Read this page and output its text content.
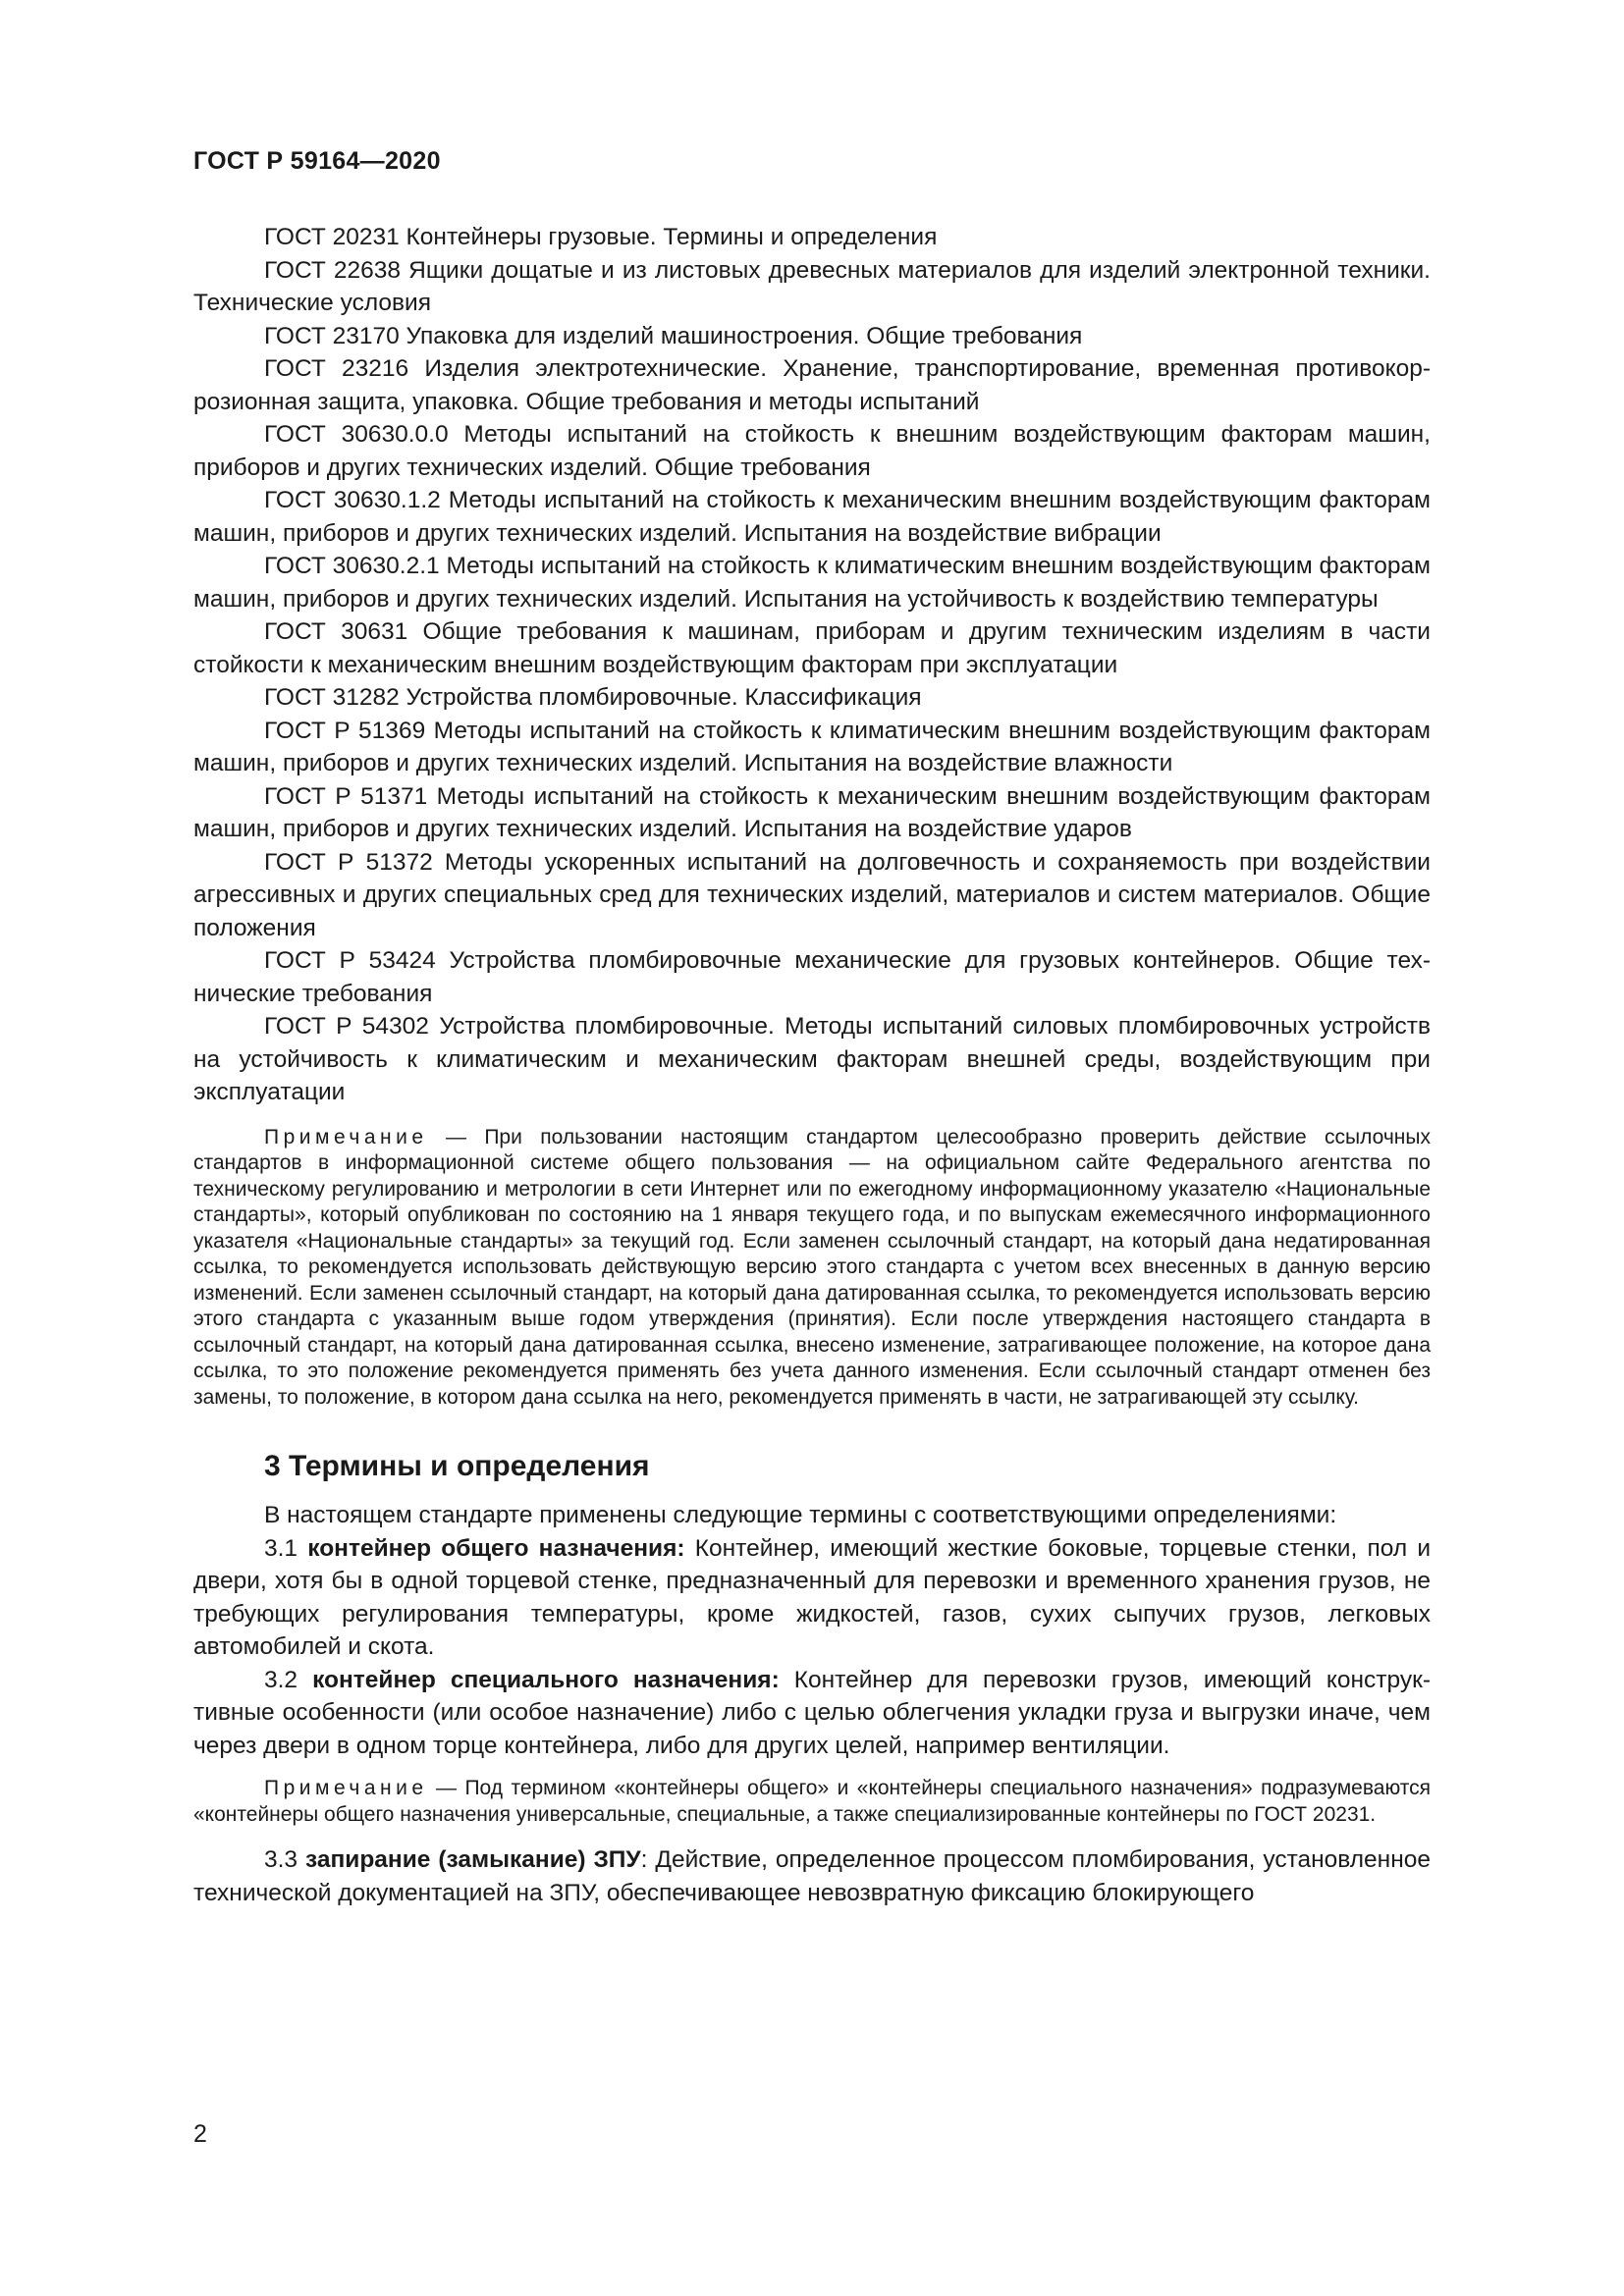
ГОСТ Р 59164—2020

ГОСТ 20231 Контейнеры грузовые. Термины и определения

ГОСТ 22638 Ящики дощатые и из листовых древесных материалов для изделий электронной техники. Технические условия

ГОСТ 23170 Упаковка для изделий машиностроения. Общие требования

ГОСТ 23216 Изделия электротехнические. Хранение, транспортирование, временная противокоррозионная защита, упаковка. Общие требования и методы испытаний

ГОСТ 30630.0.0 Методы испытаний на стойкость к внешним воздействующим факторам машин, приборов и других технических изделий. Общие требования

ГОСТ 30630.1.2 Методы испытаний на стойкость к механическим внешним воздействующим факторам машин, приборов и других технических изделий. Испытания на воздействие вибрации

ГОСТ 30630.2.1 Методы испытаний на стойкость к климатическим внешним воздействующим факторам машин, приборов и других технических изделий. Испытания на устойчивость к воздействию температуры

ГОСТ 30631 Общие требования к машинам, приборам и другим техническим изделиям в части стойкости к механическим внешним воздействующим факторам при эксплуатации

ГОСТ 31282 Устройства пломбировочные. Классификация

ГОСТ Р 51369 Методы испытаний на стойкость к климатическим внешним воздействующим факторам машин, приборов и других технических изделий. Испытания на воздействие влажности

ГОСТ Р 51371 Методы испытаний на стойкость к механическим внешним воздействующим факторам машин, приборов и других технических изделий. Испытания на воздействие ударов

ГОСТ Р 51372 Методы ускоренных испытаний на долговечность и сохраняемость при воздействии агрессивных и других специальных сред для технических изделий, материалов и систем материалов. Общие положения

ГОСТ Р 53424 Устройства пломбировочные механические для грузовых контейнеров. Общие технические требования

ГОСТ Р 54302 Устройства пломбировочные. Методы испытаний силовых пломбировочных устройств на устойчивость к климатическим и механическим факторам внешней среды, воздействующим при эксплуатации

Примечание — При пользовании настоящим стандартом целесообразно проверить действие ссылочных стандартов в информационной системе общего пользования — на официальном сайте Федерального агентства по техническому регулированию и метрологии в сети Интернет или по ежегодному информационному указателю «Национальные стандарты», который опубликован по состоянию на 1 января текущего года, и по выпускам ежемесячного информационного указателя «Национальные стандарты» за текущий год. Если заменен ссылочный стандарт, на который дана недатированная ссылка, то рекомендуется использовать действующую версию этого стандарта с учетом всех внесенных в данную версию изменений. Если заменен ссылочный стандарт, на который дана датированная ссылка, то рекомендуется использовать версию этого стандарта с указанным выше годом утверждения (принятия). Если после утверждения настоящего стандарта в ссылочный стандарт, на который дана датированная ссылка, внесено изменение, затрагивающее положение, на которое дана ссылка, то это положение рекомендуется применять без учета данного изменения. Если ссылочный стандарт отменен без замены, то положение, в котором дана ссылка на него, рекомендуется применять в части, не затрагивающей эту ссылку.

3 Термины и определения

В настоящем стандарте применены следующие термины с соответствующими определениями:

3.1 контейнер общего назначения: Контейнер, имеющий жесткие боковые, торцевые стенки, пол и двери, хотя бы в одной торцевой стенке, предназначенный для перевозки и временного хранения грузов, не требующих регулирования температуры, кроме жидкостей, газов, сухих сыпучих грузов, легковых автомобилей и скота.

3.2 контейнер специального назначения: Контейнер для перевозки грузов, имеющий конструктивные особенности (или особое назначение) либо с целью облегчения укладки груза и выгрузки иначе, чем через двери в одном торце контейнера, либо для других целей, например вентиляции.

Примечание — Под термином «контейнеры общего» и «контейнеры специального назначения» подразумеваются «контейнеры общего назначения универсальные, специальные, а также специализированные контейнеры по ГОСТ 20231.

3.3 запирание (замыкание) ЗПУ: Действие, определенное процессом пломбирования, установленное технической документацией на ЗПУ, обеспечивающее невозвратную фиксацию блокирующего

2
